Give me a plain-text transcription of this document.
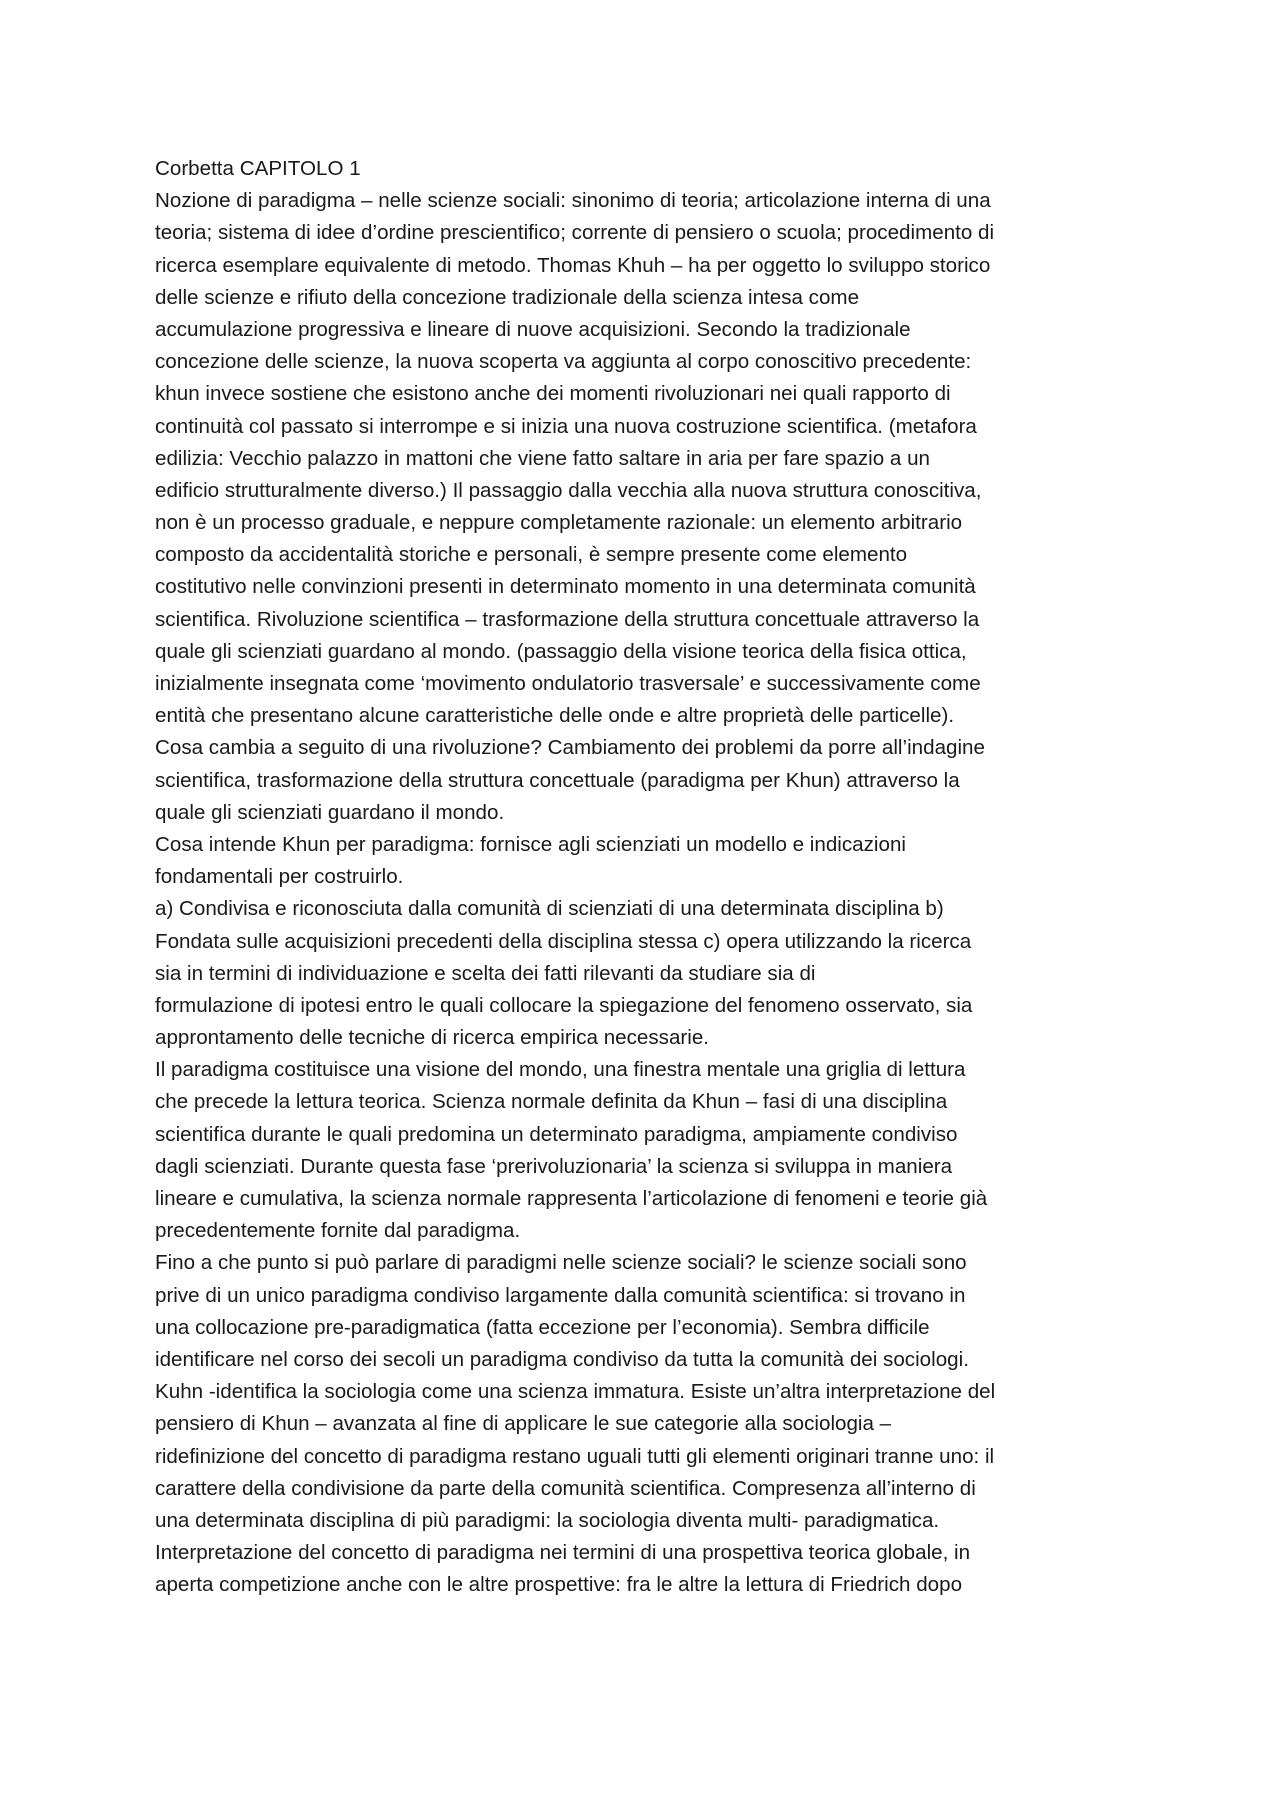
Corbetta CAPITOLO 1
Nozione di paradigma – nelle scienze sociali: sinonimo di teoria; articolazione interna di una
teoria; sistema di idee d’ordine prescientifico; corrente di pensiero o scuola; procedimento di
ricerca esemplare equivalente di metodo. Thomas Khuh – ha per oggetto lo sviluppo storico
delle scienze e rifiuto della concezione tradizionale della scienza intesa come
accumulazione progressiva e lineare di nuove acquisizioni. Secondo la tradizionale
concezione delle scienze, la nuova scoperta va aggiunta al corpo conoscitivo precedente:
khun invece sostiene che esistono anche dei momenti rivoluzionari nei quali rapporto di
continuità col passato si interrompe e si inizia una nuova costruzione scientifica. (metafora
edilizia: Vecchio palazzo in mattoni che viene fatto saltare in aria per fare spazio a un
edificio strutturalmente diverso.) Il passaggio dalla vecchia alla nuova struttura conoscitiva,
non è un processo graduale, e neppure completamente razionale: un elemento arbitrario
composto da accidentalità storiche e personali, è sempre presente come elemento
costitutivo nelle convinzioni presenti in determinato momento in una determinata comunità
scientifica. Rivoluzione scientifica – trasformazione della struttura concettuale attraverso la
quale gli scienziati guardano al mondo. (passaggio della visione teorica della fisica ottica,
inizialmente insegnata come ‘movimento ondulatorio trasversale’ e successivamente come
entità che presentano alcune caratteristiche delle onde e altre proprietà delle particelle).
Cosa cambia a seguito di una rivoluzione? Cambiamento dei problemi da porre all’indagine
scientifica, trasformazione della struttura concettuale (paradigma per Khun) attraverso la
quale gli scienziati guardano il mondo.
Cosa intende Khun per paradigma: fornisce agli scienziati un modello e indicazioni
fondamentali per costruirlo.
a) Condivisa e riconosciuta dalla comunità di scienziati di una determinata disciplina b)
Fondata sulle acquisizioni precedenti della disciplina stessa c) opera utilizzando la ricerca
sia in termini di individuazione e scelta dei fatti rilevanti da studiare sia di
formulazione di ipotesi entro le quali collocare la spiegazione del fenomeno osservato, sia
approntamento delle tecniche di ricerca empirica necessarie.
Il paradigma costituisce una visione del mondo, una finestra mentale una griglia di lettura
che precede la lettura teorica. Scienza normale definita da Khun – fasi di una disciplina
scientifica durante le quali predomina un determinato paradigma, ampiamente condiviso
dagli scienziati. Durante questa fase ‘prerivoluzionaria’ la scienza si sviluppa in maniera
lineare e cumulativa, la scienza normale rappresenta l’articolazione di fenomeni e teorie già
precedentemente fornite dal paradigma.
Fino a che punto si può parlare di paradigmi nelle scienze sociali? le scienze sociali sono
prive di un unico paradigma condiviso largamente dalla comunità scientifica: si trovano in
una collocazione pre-paradigmatica (fatta eccezione per l’economia). Sembra difficile
identificare nel corso dei secoli un paradigma condiviso da tutta la comunità dei sociologi.
Kuhn -identifica la sociologia come una scienza immatura. Esiste un’altra interpretazione del
pensiero di Khun – avanzata al fine di applicare le sue categorie alla sociologia –
ridefinizione del concetto di paradigma restano uguali tutti gli elementi originari tranne uno: il
carattere della condivisione da parte della comunità scientifica. Compresenza all’interno di
una determinata disciplina di più paradigmi: la sociologia diventa multi- paradigmatica.
Interpretazione del concetto di paradigma nei termini di una prospettiva teorica globale, in
aperta competizione anche con le altre prospettive: fra le altre la lettura di Friedrich dopo
